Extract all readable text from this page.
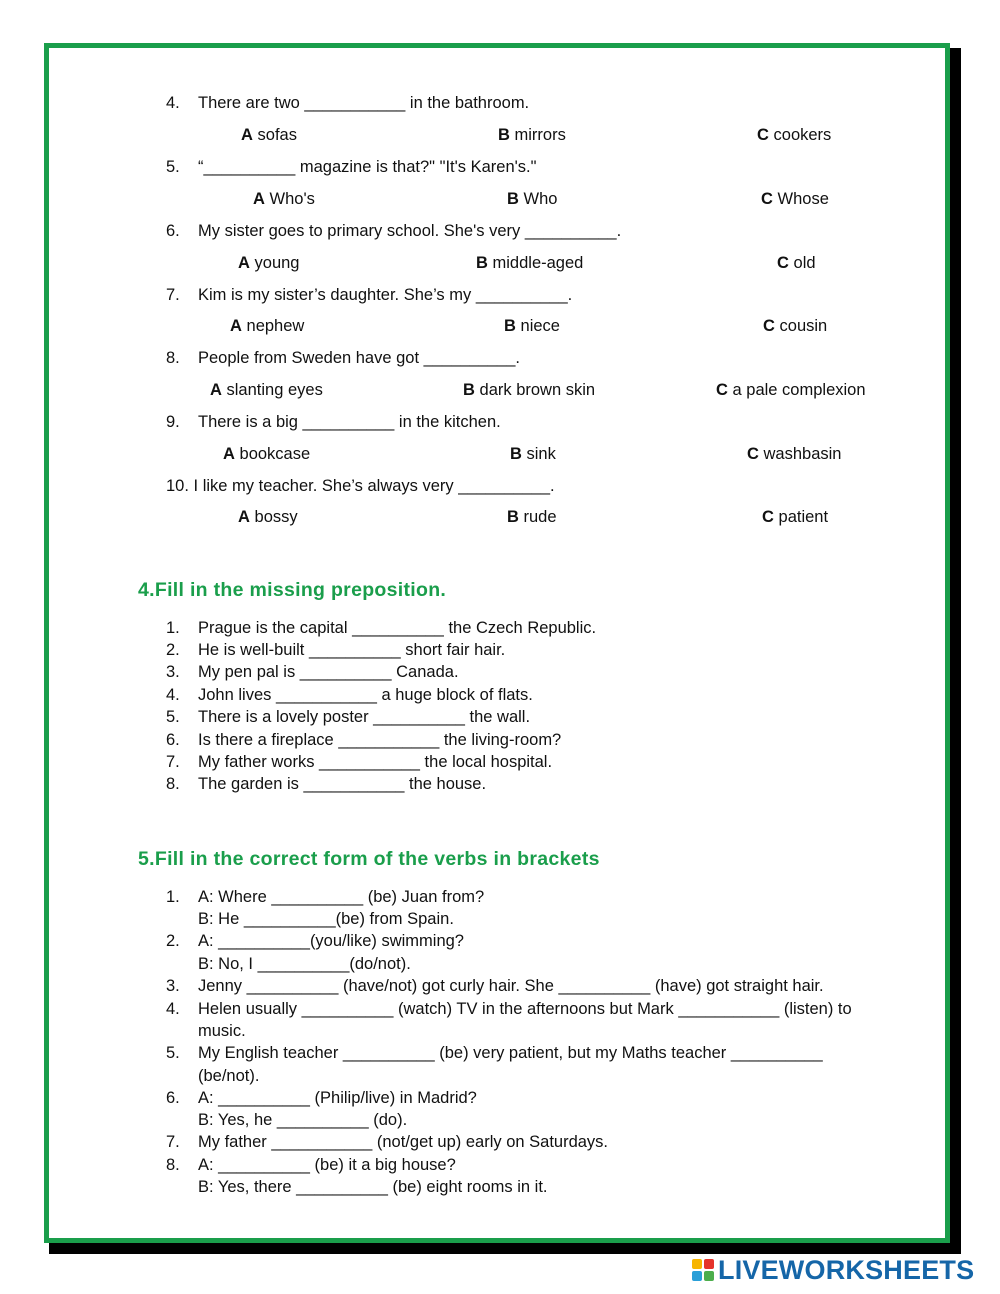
4. There are two ___________ in the bathroom.
A sofas	B mirrors	C cookers
5. “__________ magazine is that?" "It's Karen's."
A Who's	B Who	C Whose
6. My sister goes to primary school. She's very __________.
A young	B middle-aged	C old
7. Kim is my sister’s daughter. She’s my __________.
A nephew	B niece	C cousin
8. People from Sweden have got __________.
A slanting eyes	B dark brown skin	C a pale complexion
9. There is a big __________ in the kitchen.
A bookcase	B sink	C washbasin
10. I like my teacher. She’s always very __________.
A bossy	B rude	C patient
4.Fill in the missing preposition.
1. Prague is the capital __________ the Czech Republic.
2. He is well-built __________ short fair hair.
3. My pen pal is __________ Canada.
4. John lives ___________ a huge block of flats.
5. There is a lovely poster __________ the wall.
6. Is there a fireplace ___________ the living-room?
7. My father works ___________ the local hospital.
8. The garden is ___________ the house.
5.Fill in the correct form of the verbs in brackets
1. A: Where __________ (be) Juan from?
B: He __________(be) from Spain.
2. A: __________(you/like) swimming?
B: No, I __________(do/not).
3. Jenny __________ (have/not) got curly hair. She __________ (have) got straight hair.
4. Helen usually __________ (watch) TV in the afternoons but Mark ___________ (listen) to
music.
5. My English teacher __________ (be) very patient, but my Maths teacher __________
(be/not).
6. A: __________ (Philip/live) in Madrid?
B: Yes, he __________ (do).
7. My father ___________ (not/get up) early on Saturdays.
8. A: __________ (be) it a big house?
B: Yes, there __________ (be) eight rooms in it.
LIVEWORKSHEETS
